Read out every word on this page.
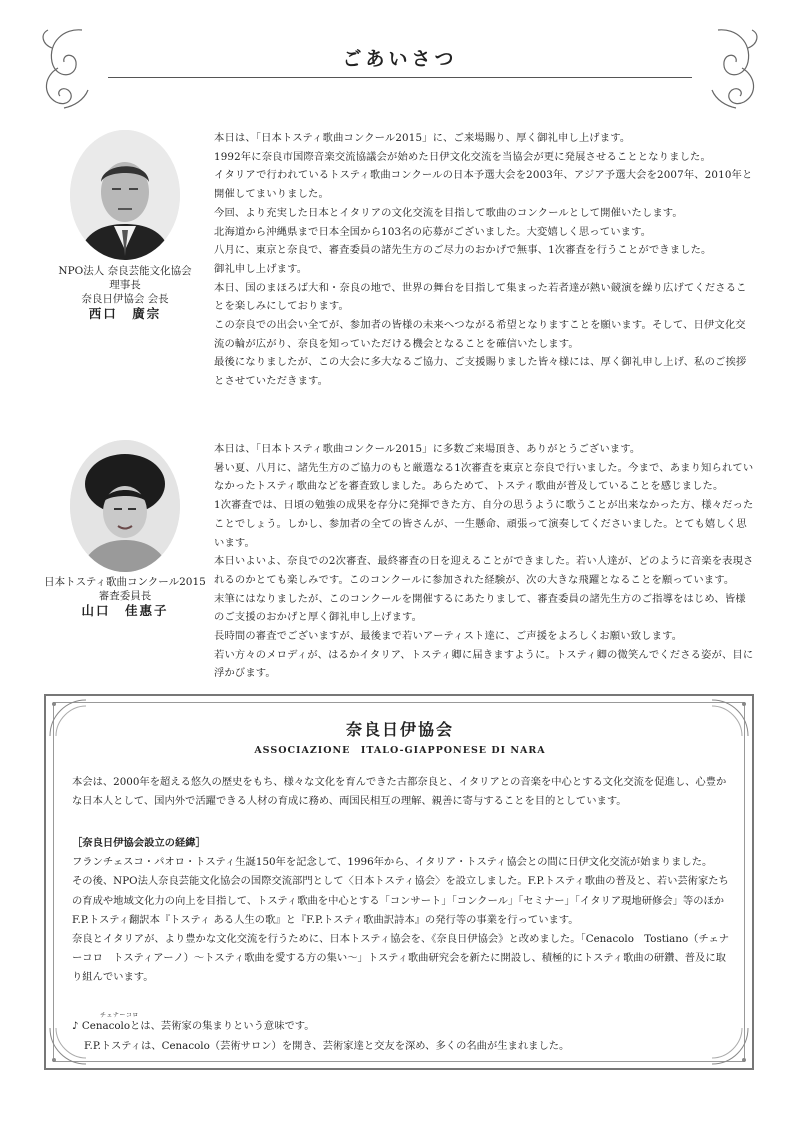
ごあいさつ
NPO法人 奈良芸能文化協会
理事長
奈良日伊協会 会長
西口　廣宗

本日は、「日本トスティ歌曲コンクール2015」に、ご来場賜り、厚く御礼申し上げます。

1992年に奈良市国際音楽交流協議会が始めた日伊文化交流を当協会が更に発展させることとなりました。

イタリアで行われているトスティ歌曲コンクールの日本予選大会を2003年、アジア予選大会を2007年、2010年と開催してまいりました。

今回、より充実した日本とイタリアの文化交流を目指して歌曲のコンクールとして開催いたします。

北海道から沖縄県まで日本全国から103名の応募がございました。大変嬉しく思っています。

八月に、東京と奈良で、審査委員の諸先生方のご尽力のおかげで無事、1次審査を行うことができました。

御礼申し上げます。

本日、国のまほろば大和・奈良の地で、世界の舞台を目指して集まった若者達が熱い競演を繰り広げてくださることを楽しみにしております。

この奈良での出会い全てが、参加者の皆様の未来へつながる希望となりますことを願います。そして、日伊文化交流の輪が広がり、奈良を知っていただける機会となることを確信いたします。

最後になりましたが、この大会に多大なるご協力、ご支援賜りました皆々様には、厚く御礼申し上げ、私のご挨拶とさせていただきます。

日本トスティ歌曲コンクール2015
審査委員長
山口　佳惠子

本日は、「日本トスティ歌曲コンクール2015」に多数ご来場頂き、ありがとうございます。

暑い夏、八月に、諸先生方のご協力のもと厳選なる1次審査を東京と奈良で行いました。今まで、あまり知られていなかったトスティ歌曲などを審査致しました。あらためて、トスティ歌曲が普及していることを感じました。

1次審査では、日頃の勉強の成果を存分に発揮できた方、自分の思うように歌うことが出来なかった方、様々だったことでしょう。しかし、参加者の全ての皆さんが、一生懸命、頑張って演奏してくださいました。とても嬉しく思います。

本日いよいよ、奈良での2次審査、最終審査の日を迎えることができました。若い人達が、どのように音楽を表現されるのかとても楽しみです。このコンクールに参加された経験が、次の大きな飛躍となることを願っています。

末筆にはなりましたが、このコンクールを開催するにあたりまして、審査委員の諸先生方のご指導をはじめ、皆様のご支援のおかげと厚く御礼申し上げます。

長時間の審査でございますが、最後まで若いアーティスト達に、ご声援をよろしくお願い致します。

若い方々のメロディが、はるかイタリア、トスティ卿に届きますように。トスティ卿の微笑んでくださる姿が、目に浮かびます。

奈良日伊協会
ASSOCIAZIONE　ITALO-GIAPPONESE DI NARA

本会は、2000年を超える悠久の歴史をもち、様々な文化を育んできた古都奈良と、イタリアとの音楽を中心とする文化交流を促進し、心豊かな日本人として、国内外で活躍できる人材の育成に務め、両国民相互の理解、親善に寄与することを目的としています。

［奈良日伊協会設立の経緯］

フランチェスコ・パオロ・トスティ生誕150年を記念して、1996年から、イタリア・トスティ協会との間に日伊文化交流が始まりました。

その後、NPO法人奈良芸能文化協会の国際交流部門として〈日本トスティ協会〉を設立しました。F.P.トスティ歌曲の普及と、若い芸術家たちの育成や地域文化力の向上を目指して、トスティ歌曲を中心とする「コンサート」「コンクール」「セミナー」「イタリア現地研修会」等のほかF.P.トスティ翻訳本『トスティ ある人生の歌』と『F.P.トスティ歌曲訳詩本』の発行等の事業を行っています。

奈良とイタリアが、より豊かな文化交流を行うために、日本トスティ協会を、《奈良日伊協会》と改めました。「Cenacolo　Tostiano（チェナーコロ　トスティアーノ）〜トスティ歌曲を愛する方の集い〜」トスティ歌曲研究会を新たに開設し、積極的にトスティ歌曲の研鑽、普及に取り組んでいます。

チェナーコロ

♪ Cenacoloとは、芸術家の集まりという意味です。

F.P.トスティは、Cenacolo（芸術サロン）を開き、芸術家達と交友を深め、多くの名曲が生まれました。
